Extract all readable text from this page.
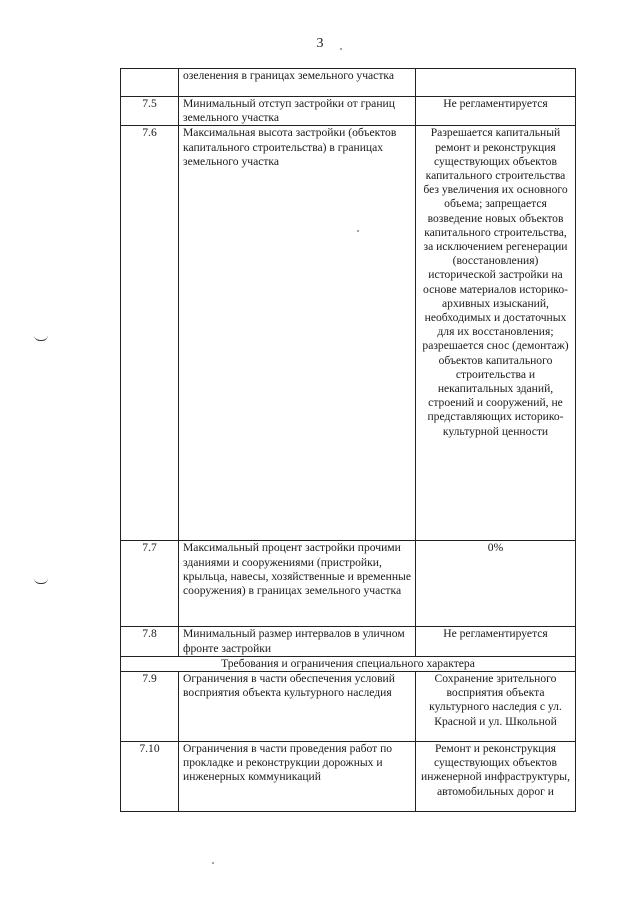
3
	озеленения в границах земельного участка	
7.5	Минимальный отступ застройки от границ земельного участка	Не регламентируется
7.6	Максимальная высота застройки (объектов капитального строительства) в границах земельного участка	Разрешается капитальный ремонт и реконструкция существующих объектов капитального строительства без увеличения их основного объема; запрещается возведение новых объектов капитального строительства, за исключением регенерации (восстановления) исторической застройки на основе материалов историко-архивных изысканий, необходимых и достаточных для их восстановления; разрешается снос (демонтаж) объектов капитального строительства и некапитальных зданий, строений и сооружений, не представляющих историко-культурной ценности
7.7	Максимальный процент застройки прочими зданиями и сооружениями (пристройки, крыльца, навесы, хозяйственные и временные сооружения) в границах земельного участка	0%
7.8	Минимальный размер интервалов в уличном фронте застройки	Не регламентируется
Требования и ограничения специального характера		
7.9	Ограничения в части обеспечения условий восприятия объекта культурного наследия	Сохранение зрительного восприятия объекта культурного наследия с ул. Красной и ул. Школьной
7.10	Ограничения в части проведения работ по прокладке и реконструкции дорожных и инженерных коммуникаций	Ремонт и реконструкция существующих объектов инженерной инфраструктуры, автомобильных дорог и
